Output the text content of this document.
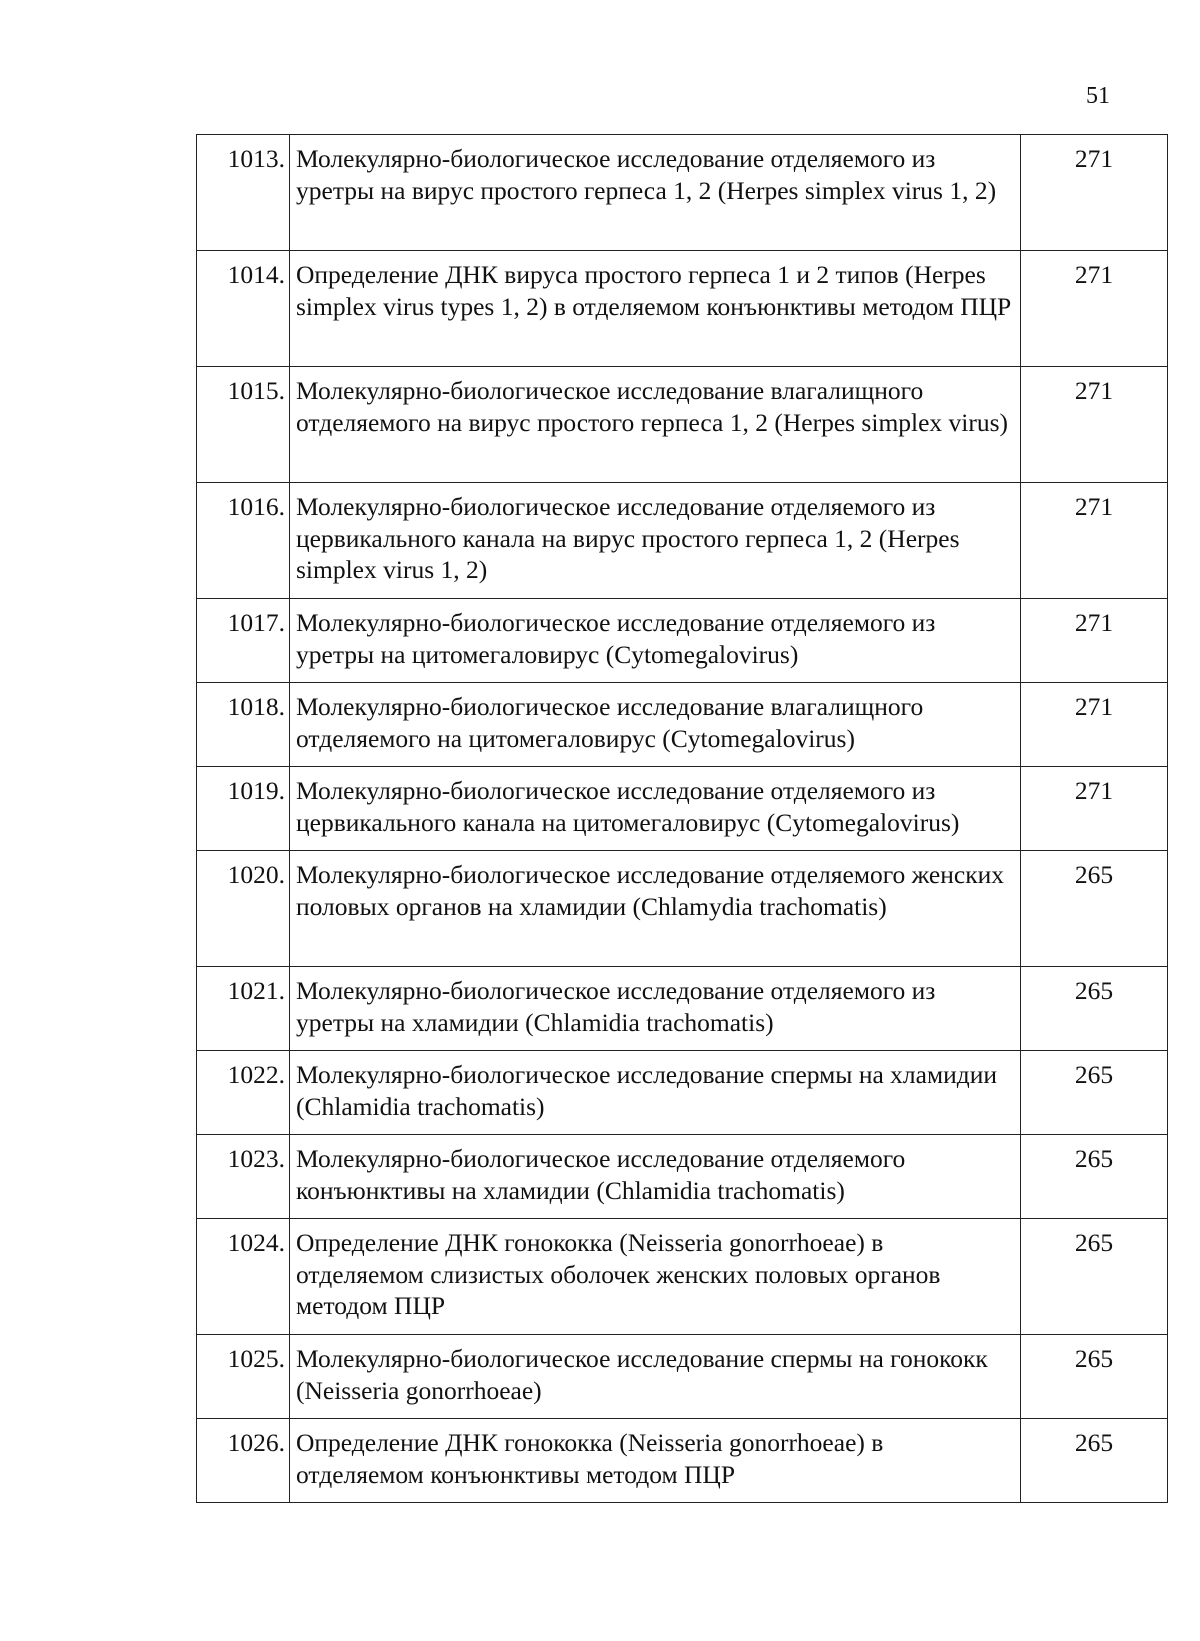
51
1013.	Молекулярно-биологическое исследование отделяемого из уретры на вирус простого герпеса 1, 2 (Herpes simplex virus 1, 2)	271
1014.	Определение ДНК вируса простого герпеса 1 и 2 типов (Herpes simplex virus types 1, 2) в отделяемом конъюнктивы методом ПЦР	271
1015.	Молекулярно-биологическое исследование влагалищного отделяемого на вирус простого герпеса 1, 2 (Herpes simplex virus)	271
1016.	Молекулярно-биологическое исследование отделяемого из цервикального канала на вирус простого герпеса 1, 2 (Herpes simplex virus 1, 2)	271
1017.	Молекулярно-биологическое исследование отделяемого из уретры на цитомегаловирус (Cytomegalovirus)	271
1018.	Молекулярно-биологическое исследование влагалищного отделяемого на цитомегаловирус (Cytomegalovirus)	271
1019.	Молекулярно-биологическое исследование отделяемого из цервикального канала на цитомегаловирус (Cytomegalovirus)	271
1020.	Молекулярно-биологическое исследование отделяемого женских половых органов на хламидии (Chlamydia trachomatis)	265
1021.	Молекулярно-биологическое исследование отделяемого из уретры на хламидии (Chlamidia trachomatis)	265
1022.	Молекулярно-биологическое исследование спермы на хламидии (Chlamidia trachomatis)	265
1023.	Молекулярно-биологическое исследование отделяемого конъюнктивы на хламидии (Chlamidia trachomatis)	265
1024.	Определение ДНК гонококка (Neisseria gonorrhoeae) в отделяемом слизистых оболочек женских половых органов методом ПЦР	265
1025.	Молекулярно-биологическое исследование спермы на гонококк (Neisseria gonorrhoeae)	265
1026.	Определение ДНК гонококка (Neisseria gonorrhoeae) в отделяемом конъюнктивы методом ПЦР	265
